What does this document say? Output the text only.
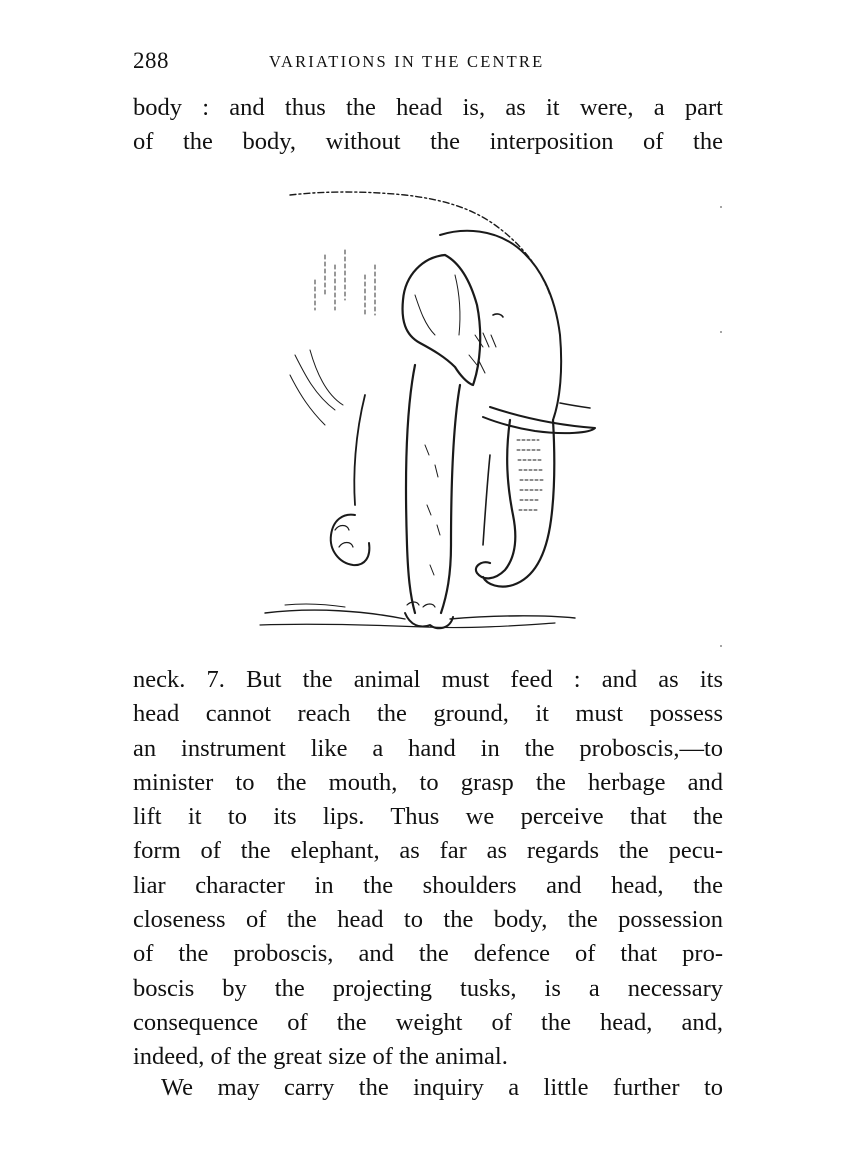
288	VARIATIONS IN THE CENTRE
body : and thus the head is, as it were, a part
of the body, without the interposition of the
neck. 7. But the animal must feed : and as its
head cannot reach the ground, it must possess
an instrument like a hand in the proboscis,—to
minister to the mouth, to grasp the herbage and
lift it to its lips. Thus we perceive that the
form of the elephant, as far as regards the pecu-
liar character in the shoulders and head, the
closeness of the head to the body, the possession
of the proboscis, and the defence of that pro-
boscis by the projecting tusks, is a necessary
consequence of the weight of the head, and,
indeed, of the great size of the animal.
We may carry the inquiry a little further to
